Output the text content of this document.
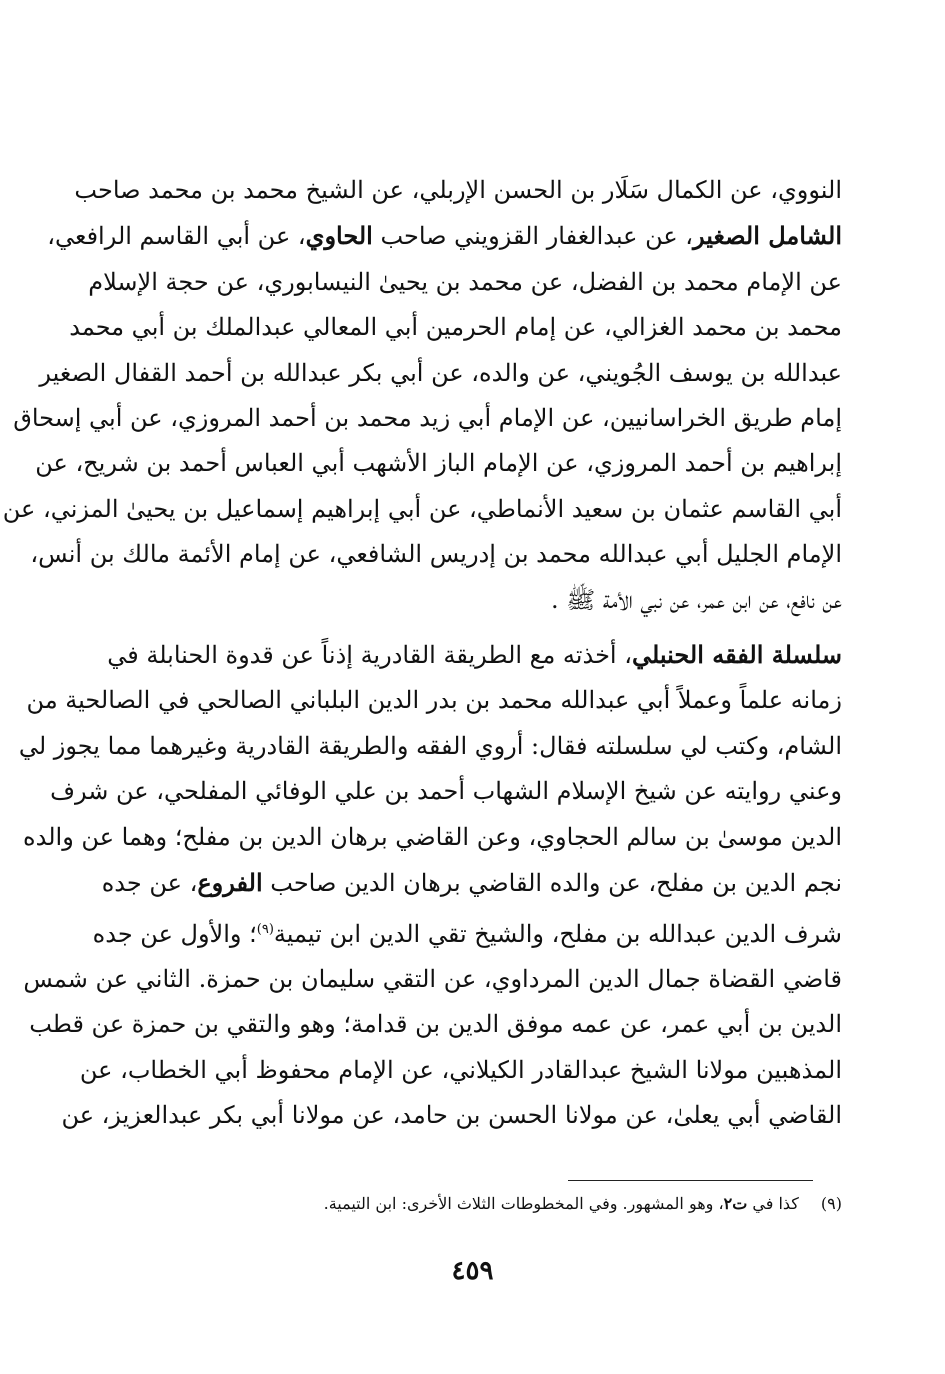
النووي، عن الكمال سَلَار بن الحسن الإربلي، عن الشيخ محمد بن محمد صاحب
الشامل الصغير، عن عبدالغفار القزويني صاحب الحاوي، عن أبي القاسم الرافعي،
عن الإمام محمد بن الفضل، عن محمد بن يحيىٰ النيسابوري، عن حجة الإسلام
محمد بن محمد الغزالي، عن إمام الحرمين أبي المعالي عبدالملك بن أبي محمد
عبدالله بن يوسف الجُويني، عن والده، عن أبي بكر عبدالله بن أحمد القفال الصغير
إمام طريق الخراسانيين، عن الإمام أبي زيد محمد بن أحمد المروزي، عن أبي إسحاق
إبراهيم بن أحمد المروزي، عن الإمام الباز الأشهب أبي العباس أحمد بن شريح، عن
أبي القاسم عثمان بن سعيد الأنماطي، عن أبي إبراهيم إسماعيل بن يحيىٰ المزني، عن
الإمام الجليل أبي عبدالله محمد بن إدريس الشافعي، عن إمام الأئمة مالك بن أنس،
عن نافع، عن ابن عمر، عن نبي الأمة ﷺ .

سلسلة الفقه الحنبلي، أخذته مع الطريقة القادرية إذناً عن قدوة الحنابلة في
زمانه علماً وعملاً أبي عبدالله محمد بن بدر الدين البلباني الصالحي في الصالحية من
الشام، وكتب لي سلسلته فقال: أروي الفقه والطريقة القادرية وغيرهما مما يجوز لي
وعني روايته عن شيخ الإسلام الشهاب أحمد بن علي الوفائي المفلحي، عن شرف
الدين موسىٰ بن سالم الحجاوي، وعن القاضي برهان الدين بن مفلح؛ وهما عن والده
نجم الدين بن مفلح، عن والده القاضي برهان الدين صاحب الفروع، عن جده
شرف الدين عبدالله بن مفلح، والشيخ تقي الدين ابن تيمية$^{(٩)}$؛ والأول عن جده
قاضي القضاة جمال الدين المرداوي، عن التقي سليمان بن حمزة. الثاني عن شمس
الدين بن أبي عمر، عن عمه موفق الدين بن قدامة؛ وهو والتقي بن حمزة عن قطب
المذهبين مولانا الشيخ عبدالقادر الكيلاني، عن الإمام محفوظ أبي الخطاب، عن
القاضي أبي يعلىٰ، عن مولانا الحسن بن حامد، عن مولانا أبي بكر عبدالعزيز، عن

(٩)كذا في ت٢، وهو المشهور. وفي المخطوطات الثلاث الأخرى: ابن التيمية.
٤٥٩
